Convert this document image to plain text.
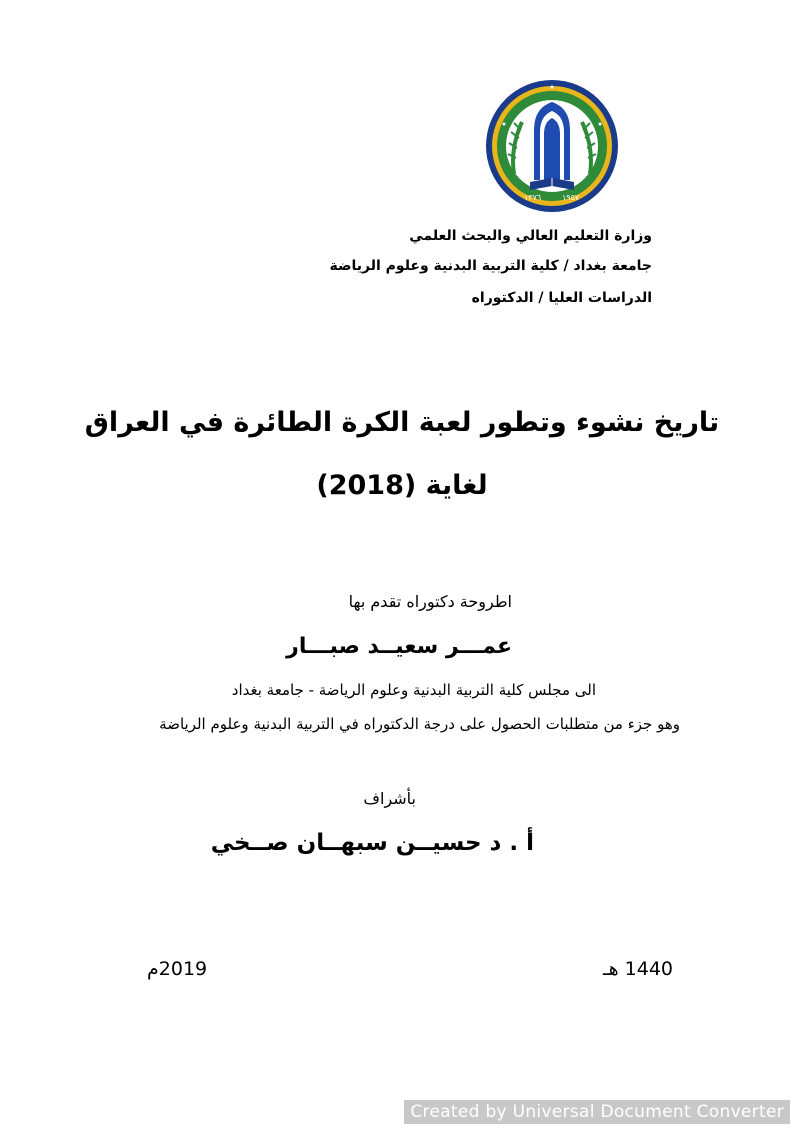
١٣٧٦	١٩٥٧
وزارة التعليم العالي والبحث العلمي
جامعة بغداد / كلية التربية البدنية وعلوم الرياضة
الدراسات العليا / الدكتوراه
تاريخ نشوء وتطور لعبة الكرة الطائرة في العراق
لغاية (2018)
اطروحة دكتوراه تقدم بها
عمـــر سعيــد صبـــار
الى مجلس كلية التربية البدنية وعلوم الرياضة - جامعة بغداد
وهو جزء من متطلبات الحصول على درجة الدكتوراه في التربية البدنية وعلوم الرياضة
بأشراف
أ . د حسيــن سبهــان صــخي
1440 هـ
2019م
Created by Universal Document Converter
